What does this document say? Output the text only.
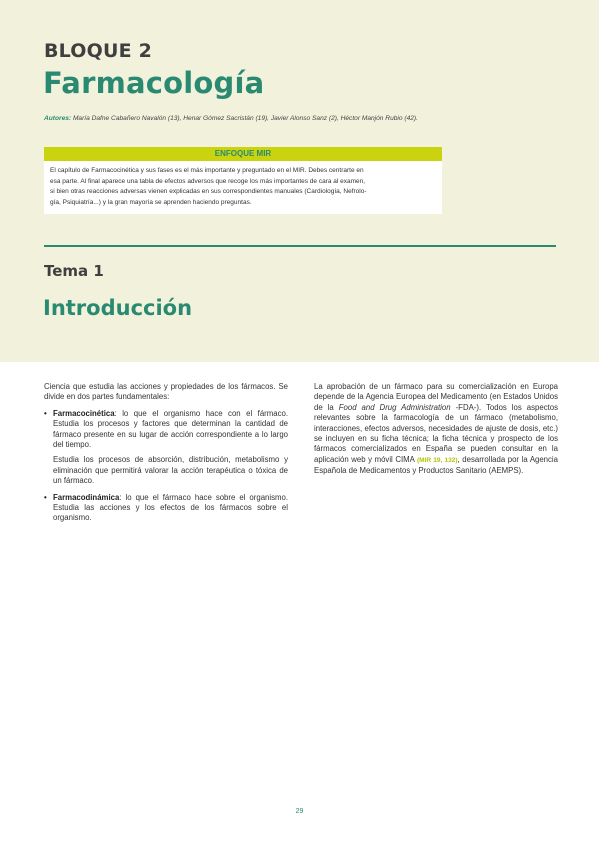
BLOQUE 2
Farmacología
Autores: María Dafne Cabañero Navalón (13), Henar Gómez Sacristán (19), Javier Alonso Sanz (2), Héctor Manjón Rubio (42).
ENFOQUE MIR
El capítulo de Farmacocinética y sus fases es el más importante y preguntado en el MIR. Debes centrarte en
esa parte. Al final aparece una tabla de efectos adversos que recoge los más importantes de cara al examen,
si bien otras reacciones adversas vienen explicadas en sus correspondientes manuales (Cardiología, Nefrolo-
gía, Psiquiatría...) y la gran mayoría se aprenden haciendo preguntas.
Tema 1
Introducción

Ciencia que estudia las acciones y propiedades de los fármacos. Se divide en dos partes fundamentales:

• Farmacocinética: lo que el organismo hace con el fármaco. Estudia los procesos y factores que determinan la cantidad de fármaco presente en su lugar de acción correspondiente a lo largo del tiempo.
Estudia los procesos de absorción, distribución, metabolismo y eliminación que permitirá valorar la acción terapéutica o tóxica de un fármaco.
• Farmacodinámica: lo que el fármaco hace sobre el organismo. Estudia las acciones y los efectos de los fármacos sobre el organismo.

La aprobación de un fármaco para su comercialización en Europa depende de la Agencia Europea del Medicamento (en Estados Unidos de la Food and Drug Administration -FDA-). Todos los aspectos relevantes sobre la farmacología de un fármaco (metabolismo, interacciones, efectos adversos, necesidades de ajuste de dosis, etc.) se incluyen en su ficha técnica; la ficha técnica y prospecto de los fármacos comercializados en España se pueden consultar en la aplicación web y móvil CIMA (MIR 19, 132), desarrollada por la Agencia Española de Medicamentos y Productos Sanitario (AEMPS).

29
